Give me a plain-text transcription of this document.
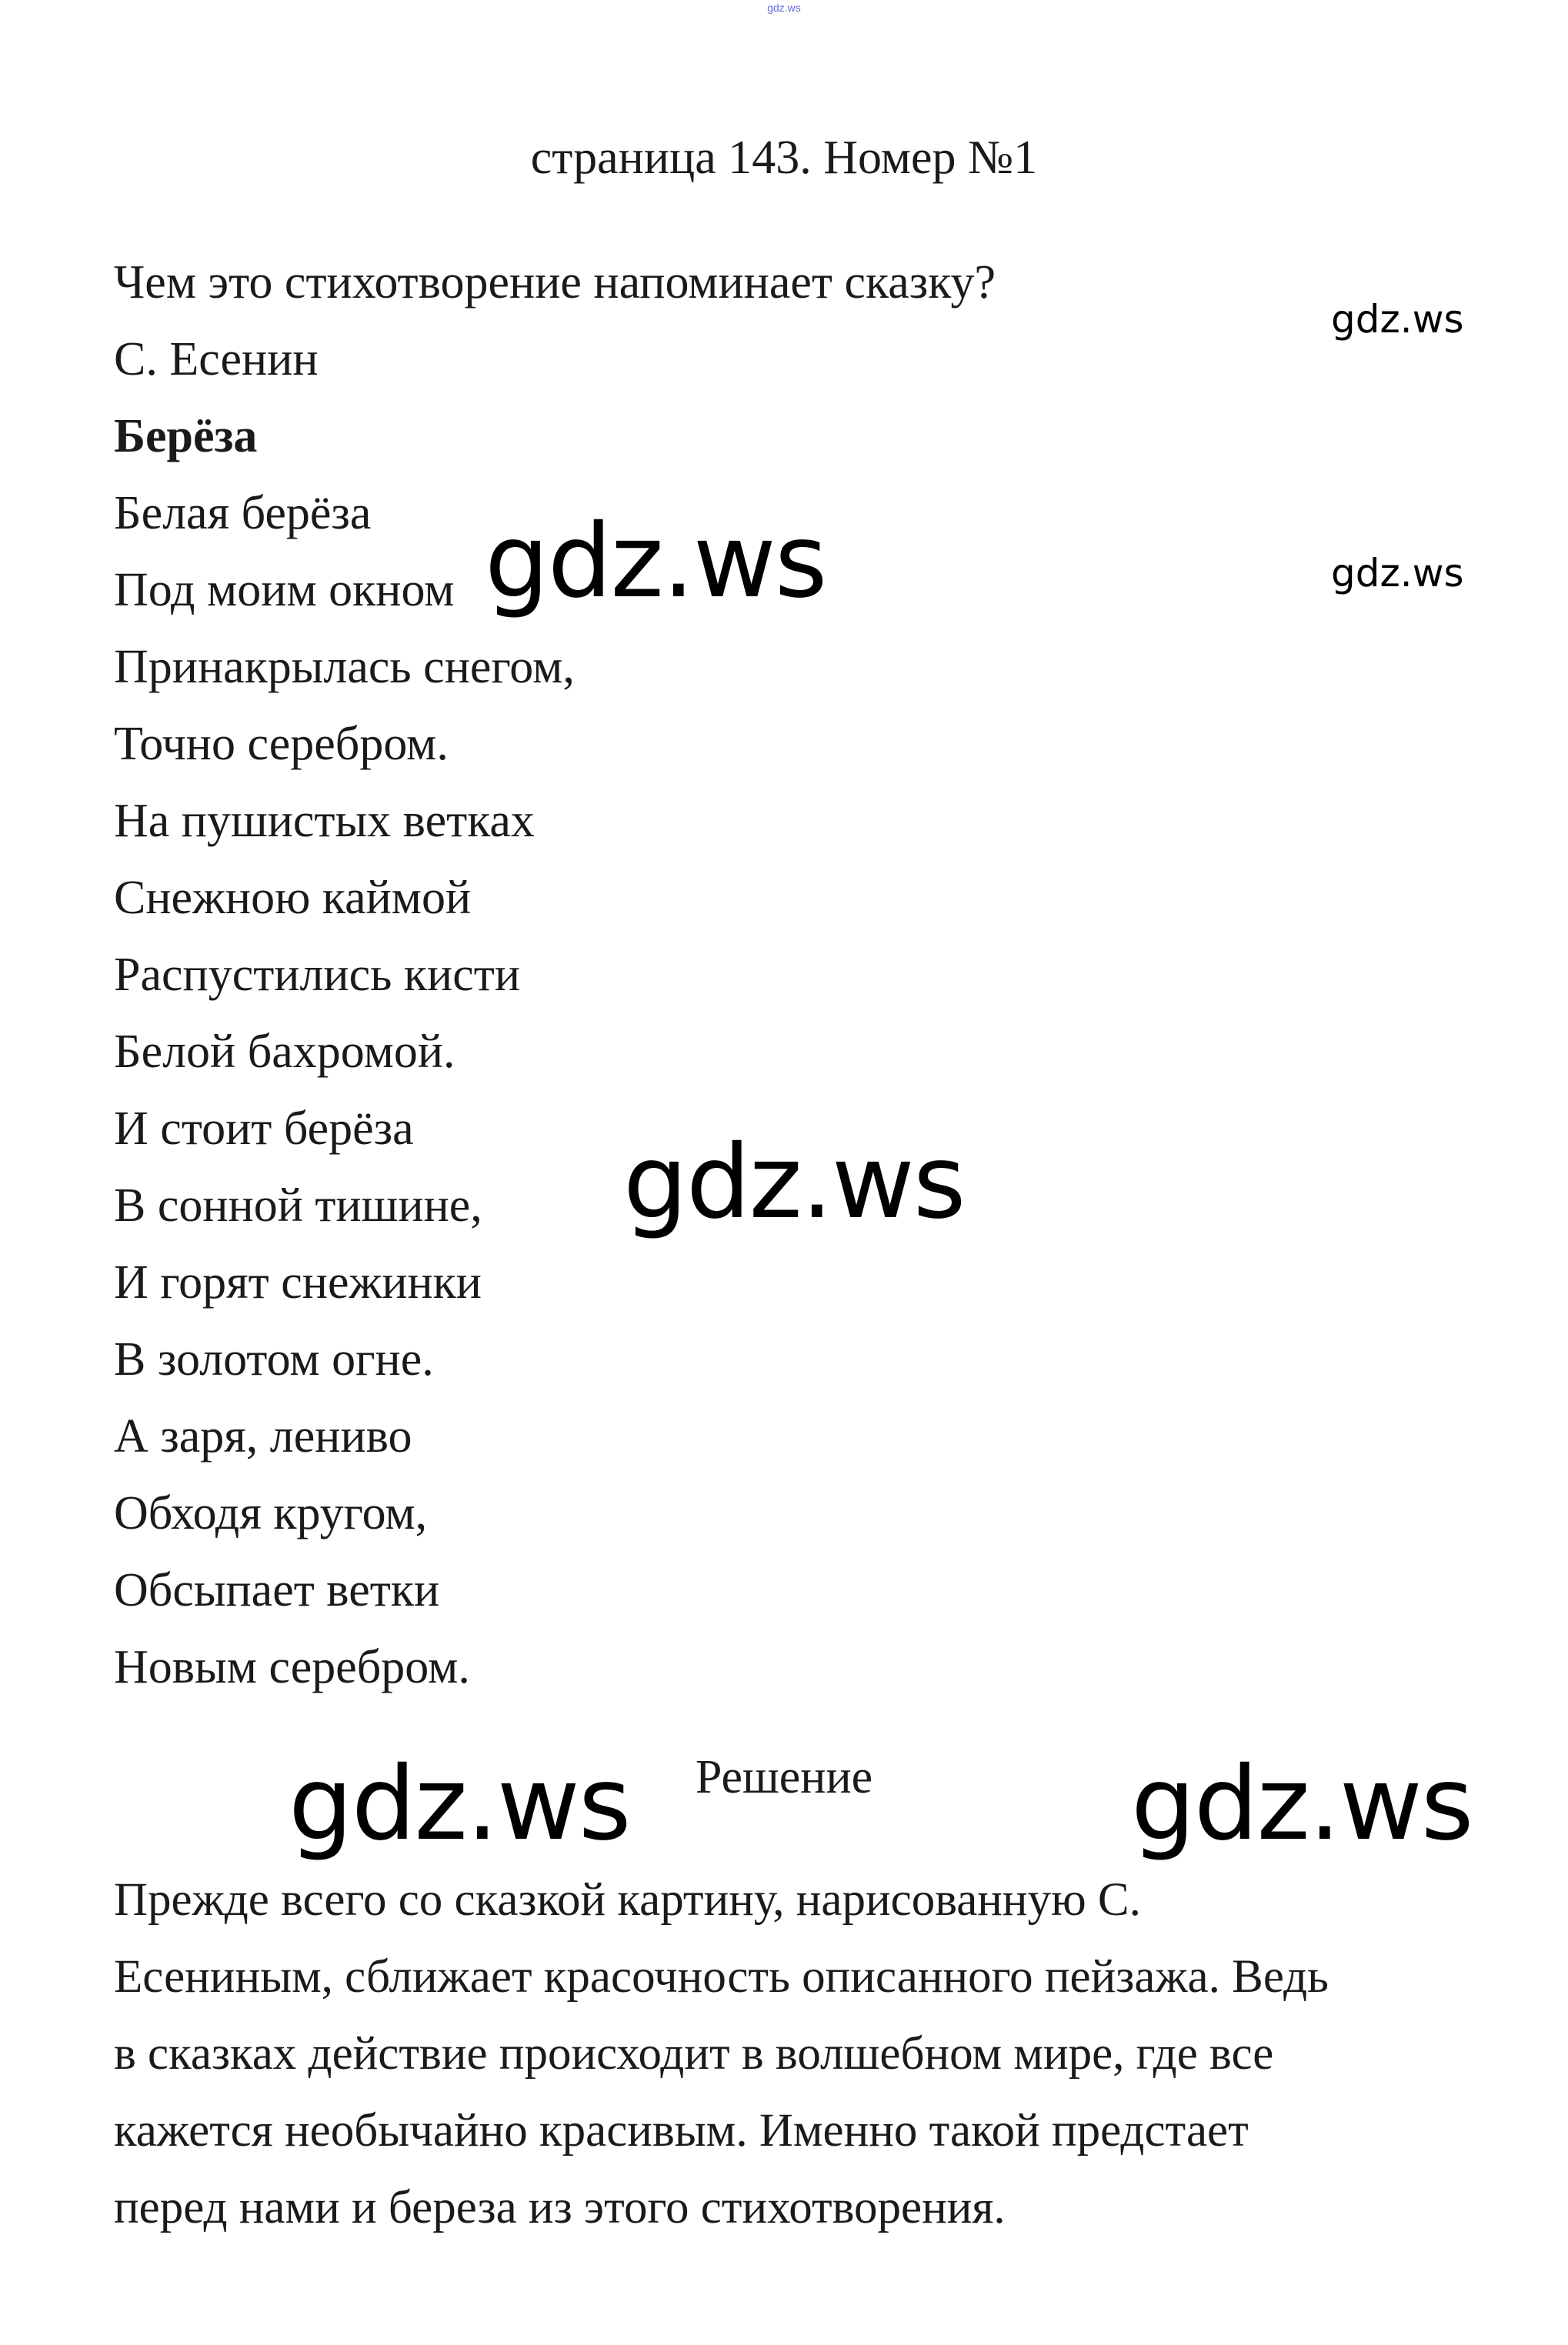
gdz.ws
страница 143. Номер №1
Чем это стихотворение напоминает сказку?
С. Есенин
Берёза
Белая берёза
Под моим окном
Принакрылась снегом,
Точно серебром.
На пушистых ветках
Снежною каймой
Распустились кисти
Белой бахромой.
И стоит берёза
В сонной тишине,
И горят снежинки
В золотом огне.
А заря, лениво
Обходя кругом,
Обсыпает ветки
Новым серебром.
Решение
Прежде всего со сказкой картину, нарисованную С.
Есениным, сближает красочность описанного пейзажа. Ведь
в сказках действие происходит в волшебном мире, где все
кажется необычайно красивым. Именно такой предстает
перед нами и береза из этого стихотворения.
gdz.ws
gdz.ws
gdz.ws
gdz.ws
gdz.ws	gdz.ws
